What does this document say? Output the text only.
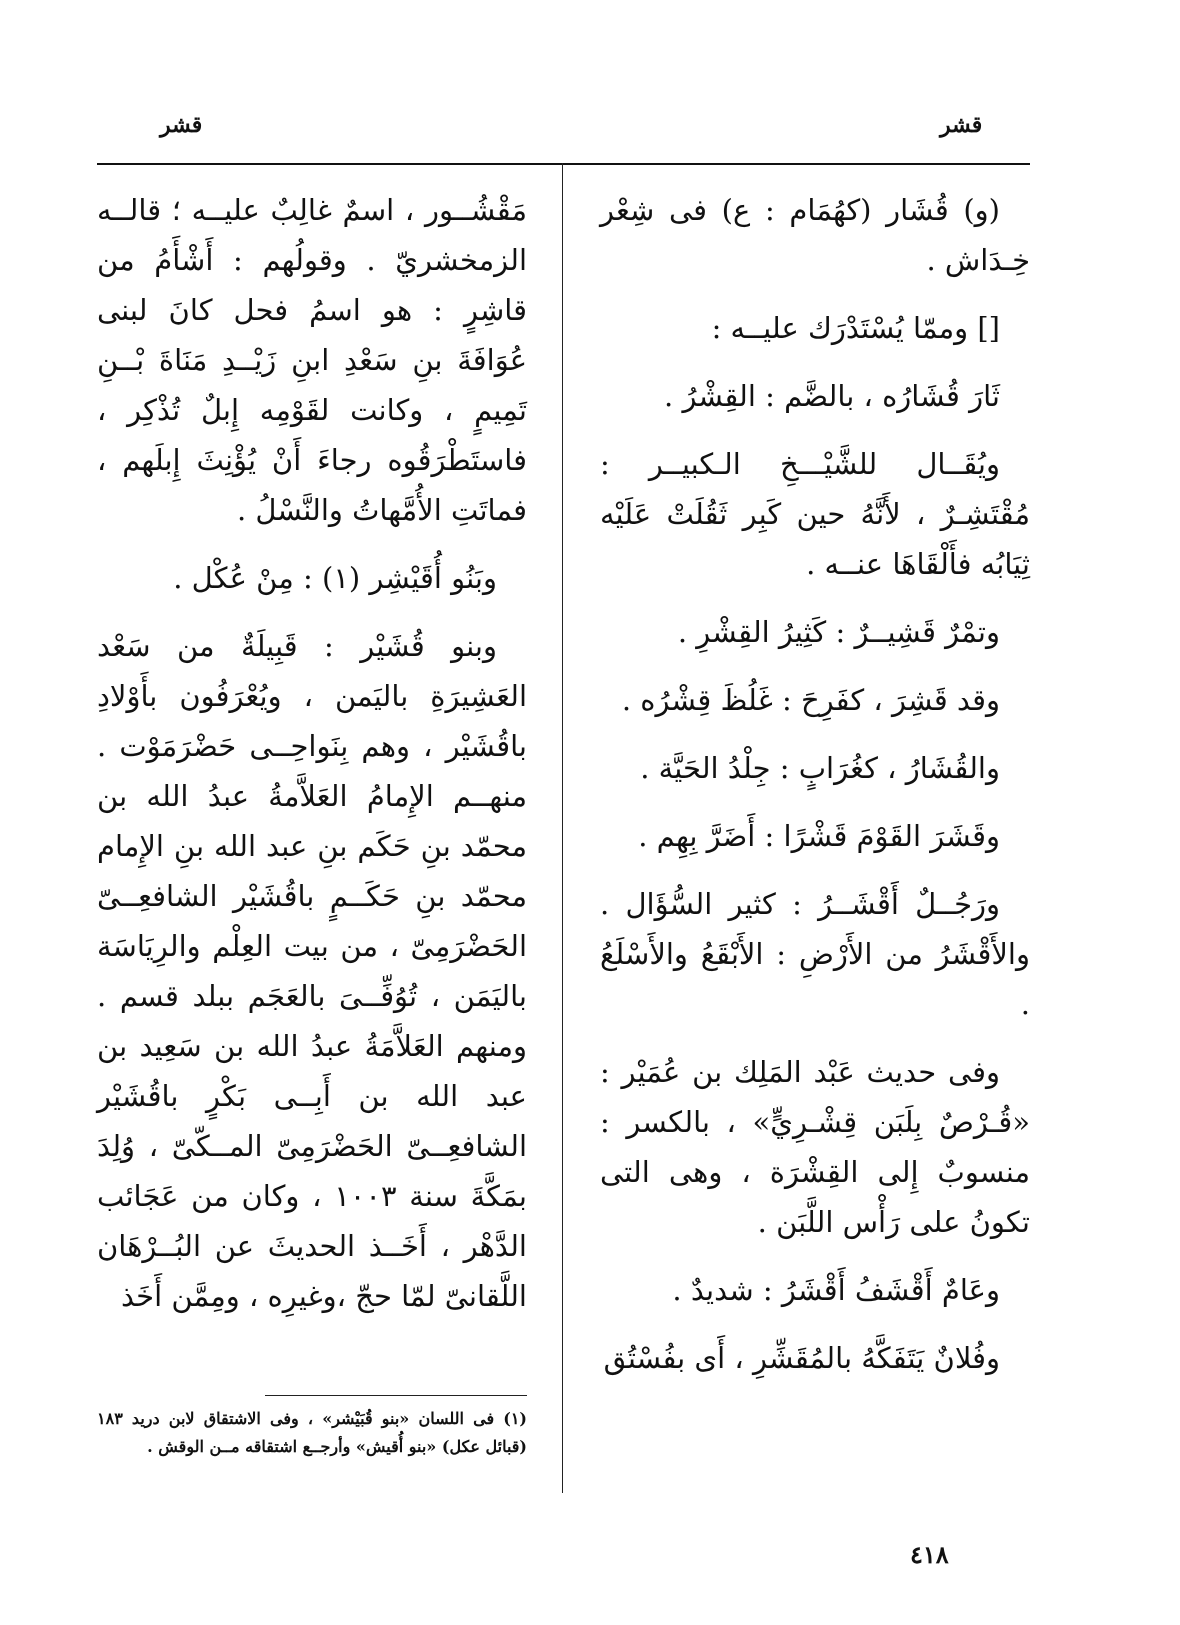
قشر
قشر

(و) قُشَار (كهُمَام : ع) فى شِعْر خِـدَاش .

[] وممّا يُسْتَدْرَك عليــه :

ثَارَ قُشَارُه ، بالضَّم : القِشْرُ .

ويُقَــال للشَّيْـــخِ الـكبيــر : مُقْتَشِـرٌ ، لأَنَّهُ حين كَبِر ثَقُلَتْ عَلَيْه ثِيَابُه فأَلْقَاهَا عنــه .

وتمْرٌ قَشِيــرٌ : كَثِيرُ القِشْرِ .

وقد قَشِرَ ، كفَرِحَ : غَلُظَ قِشْرُه .

والقُشَارُ ، كغُرَابٍ : جِلْدُ الحَيَّة .

وقَشَرَ القَوْمَ قَشْرًا : أَضَرَّ بِهِم .

ورَجُــلٌ أَقْشَــرُ : كثير السُّؤَال . والأَقْشَرُ من الأَرْضِ : الأَبْقَعُ والأَسْلَعُ .

وفى حديث عَبْد المَلِك بن عُمَيْر : «قُـرْصٌ بِلَبَن قِشْـرِيٍّ» ، بالكسر : منسوبٌ إِلى القِشْرَة ، وهى التى تكونُ على رَأْس اللَّبَن .

وعَامٌ أَقْشَفُ أَقْشَرُ : شديدٌ .

وفُلانٌ يَتَفَكَّهُ بالمُقَشِّرِ ، أَى بفُسْتُق

مَقْشُــور ، اسمٌ غالِبٌ عليــه ؛ قالــه الزمخشريّ . وقولُهم : أَشْأَمُ من قاشِرٍ : هو اسمُ فحل كانَ لبنى عُوَافَةَ بنِ سَعْدِ ابنِ زَيْــدِ مَنَاةَ بْــنِ تَمِيمٍ ، وكانت لقَوْمِه إِبلٌ تُذْكِر ، فاستَطْرَقُوه رجاءَ أَنْ يُؤْنِثَ إِبلَهم ، فماتَتِ الأُمَّهاتُ والنَّسْلُ .

وبَنُو أُقَيْشِر (١) : مِنْ عُكْل .

وبنو قُشَيْر : قَبِيلَةٌ من سَعْد العَشِيرَةِ باليَمن ، ويُعْرَفُون بأَوْلادِ باقُشَيْر ، وهم بِنَواحِــى حَضْرَمَوْت . منهــم الإِمامُ العَلاَّمةُ عبدُ الله بن محمّد بنِ حَكَم بنِ عبد الله بنِ الإِمام محمّد بنِ حَكَــمٍ باقُشَيْر الشافعِــىّ الحَضْرَمِىّ ، من بيت العِلْم والرِيَاسَة باليَمَن ، تُوُفِّــىَ بالعَجَم ببلد قسم . ومنهم العَلاَّمَةُ عبدُ الله بن سَعِيد بن عبد الله بن أَبِــى بَكْرٍ باقُشَيْر الشافعِــىّ الحَضْرَمِىّ المــكّىّ ، وُلِدَ بمَكَّةَ سنة ١٠٠٣ ، وكان من عَجَائب الدَّهْر ، أَخَــذ الحديثَ عن البُــرْهَان اللَّقانىّ لمّا حجّ ،وغيرِه ، ومِمَّن أَخَذ

(١) فى اللسان «بنو قُبَيْشر» ، وفى الاشتقاق لابن دريد ١٨٣ (قبائل عكل) «بنو أُقيش» وأرجــع اشتقاقه مــن الوقش .
٤١٨
